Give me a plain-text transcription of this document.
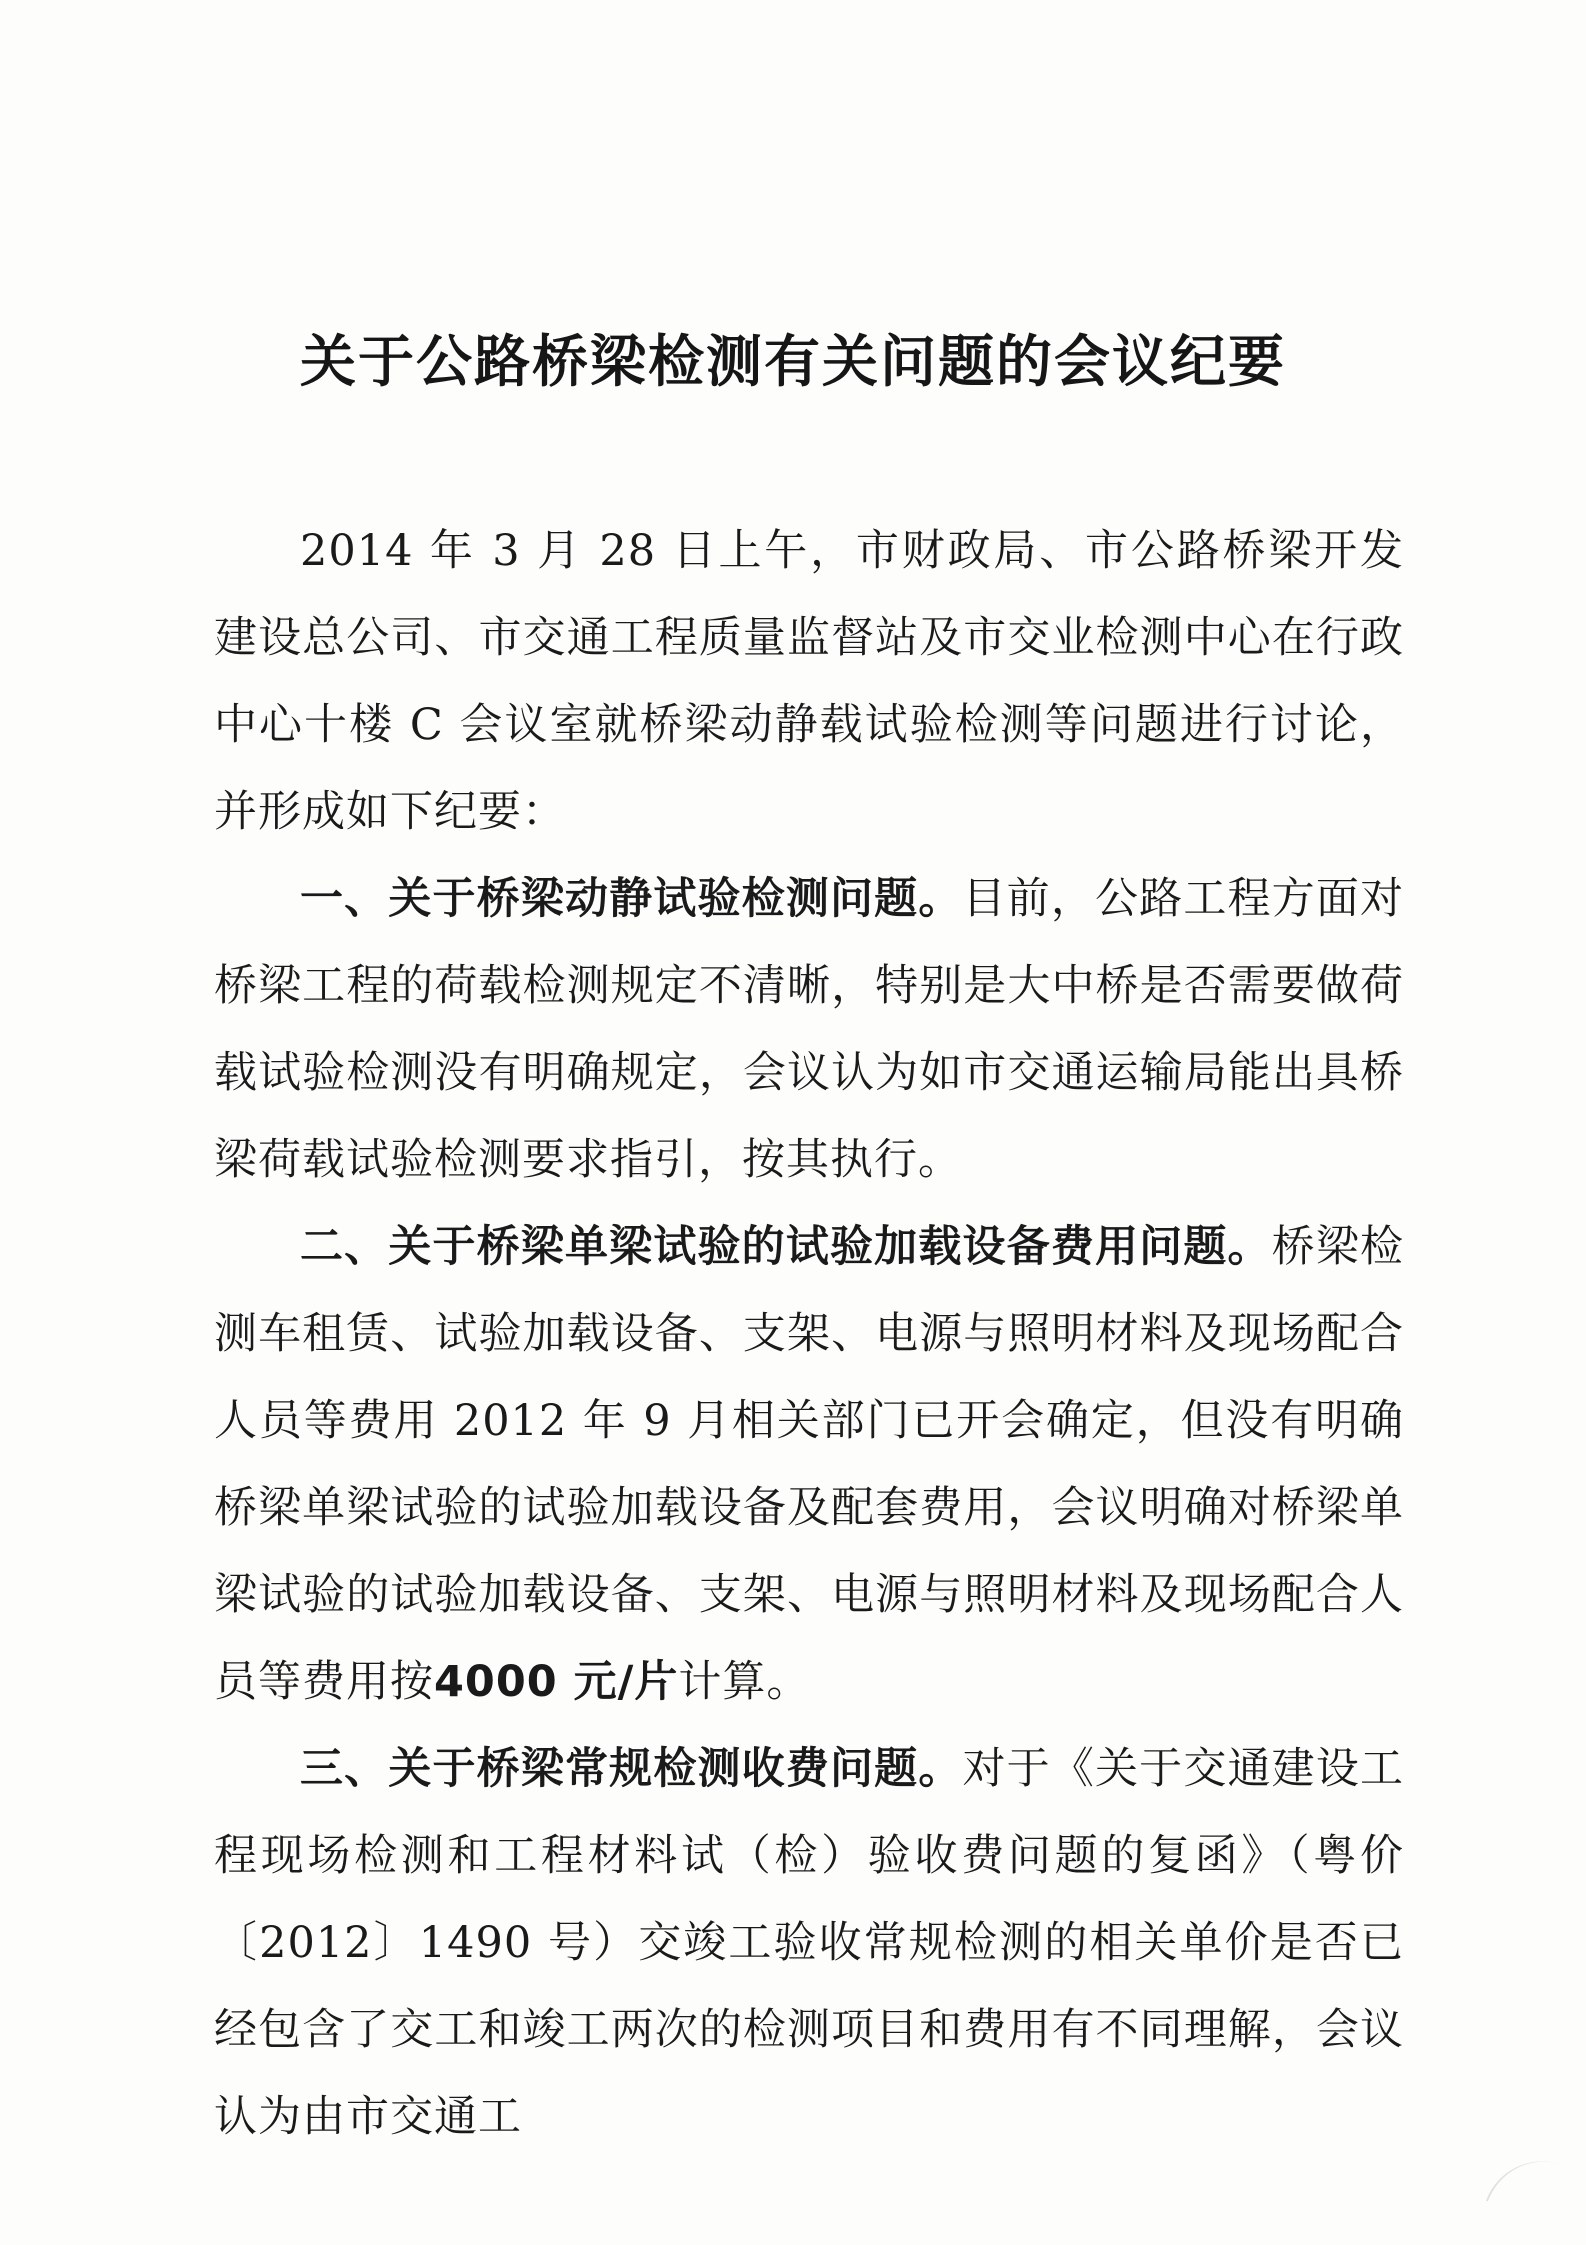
关于公路桥梁检测有关问题的会议纪要

2014 年 3 月 28 日上午，市财政局、市公路桥梁开发建设总公司、市交通工程质量监督站及市交业检测中心在行政中心十楼 C 会议室就桥梁动静载试验检测等问题进行讨论，并形成如下纪要：

一、关于桥梁动静试验检测问题。目前，公路工程方面对桥梁工程的荷载检测规定不清晰，特别是大中桥是否需要做荷载试验检测没有明确规定，会议认为如市交通运输局能出具桥梁荷载试验检测要求指引，按其执行。

二、关于桥梁单梁试验的试验加载设备费用问题。桥梁检测车租赁、试验加载设备、支架、电源与照明材料及现场配合人员等费用 2012 年 9 月相关部门已开会确定，但没有明确桥梁单梁试验的试验加载设备及配套费用，会议明确对桥梁单梁试验的试验加载设备、支架、电源与照明材料及现场配合人员等费用按4000 元/片计算。

三、关于桥梁常规检测收费问题。对于《关于交通建设工程现场检测和工程材料试（检）验收费问题的复函》（粤价〔2012〕1490 号）交竣工验收常规检测的相关单价是否已经包含了交工和竣工两次的检测项目和费用有不同理解，会议认为由市交通工
